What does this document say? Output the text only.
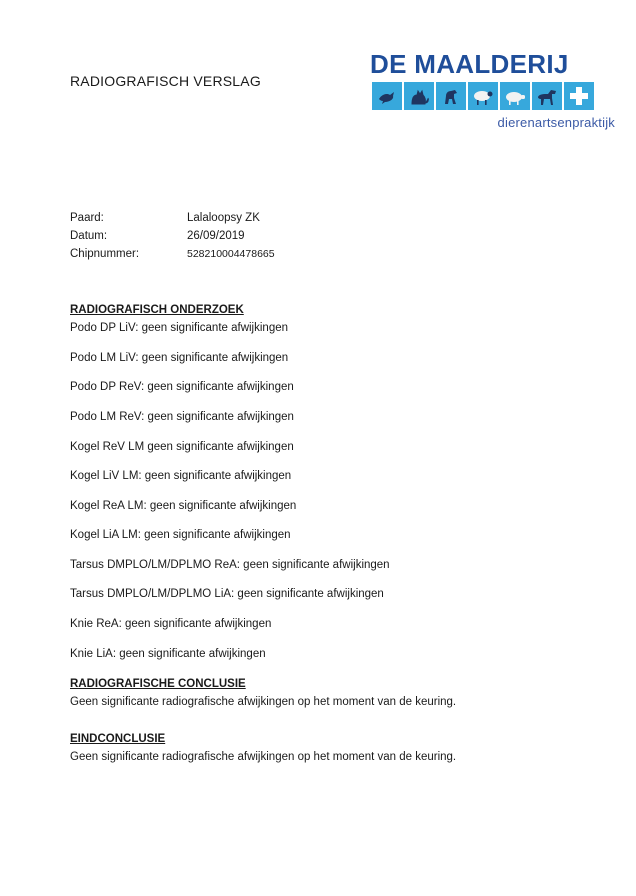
RADIOGRAFISCH VERSLAG
DE MAALDERIJ
dierenartsenpraktijk
Paard:	Lalaloopsy ZK
Datum:	26/09/2019
Chipnummer:	528210004478665
RADIOGRAFISCH ONDERZOEK
Podo DP LiV: geen significante afwijkingen
Podo LM LiV: geen significante afwijkingen
Podo DP ReV: geen significante afwijkingen
Podo LM ReV: geen significante afwijkingen
Kogel ReV LM geen significante afwijkingen
Kogel LiV LM: geen significante afwijkingen
Kogel ReA LM: geen significante afwijkingen
Kogel LiA LM: geen significante afwijkingen
Tarsus DMPLO/LM/DPLMO ReA: geen significante afwijkingen
Tarsus DMPLO/LM/DPLMO LiA: geen significante afwijkingen
Knie ReA: geen significante afwijkingen
Knie LiA: geen significante afwijkingen
RADIOGRAFISCHE CONCLUSIE
Geen significante radiografische afwijkingen op het moment van de keuring.
EINDCONCLUSIE
Geen significante radiografische afwijkingen op het moment van de keuring.
